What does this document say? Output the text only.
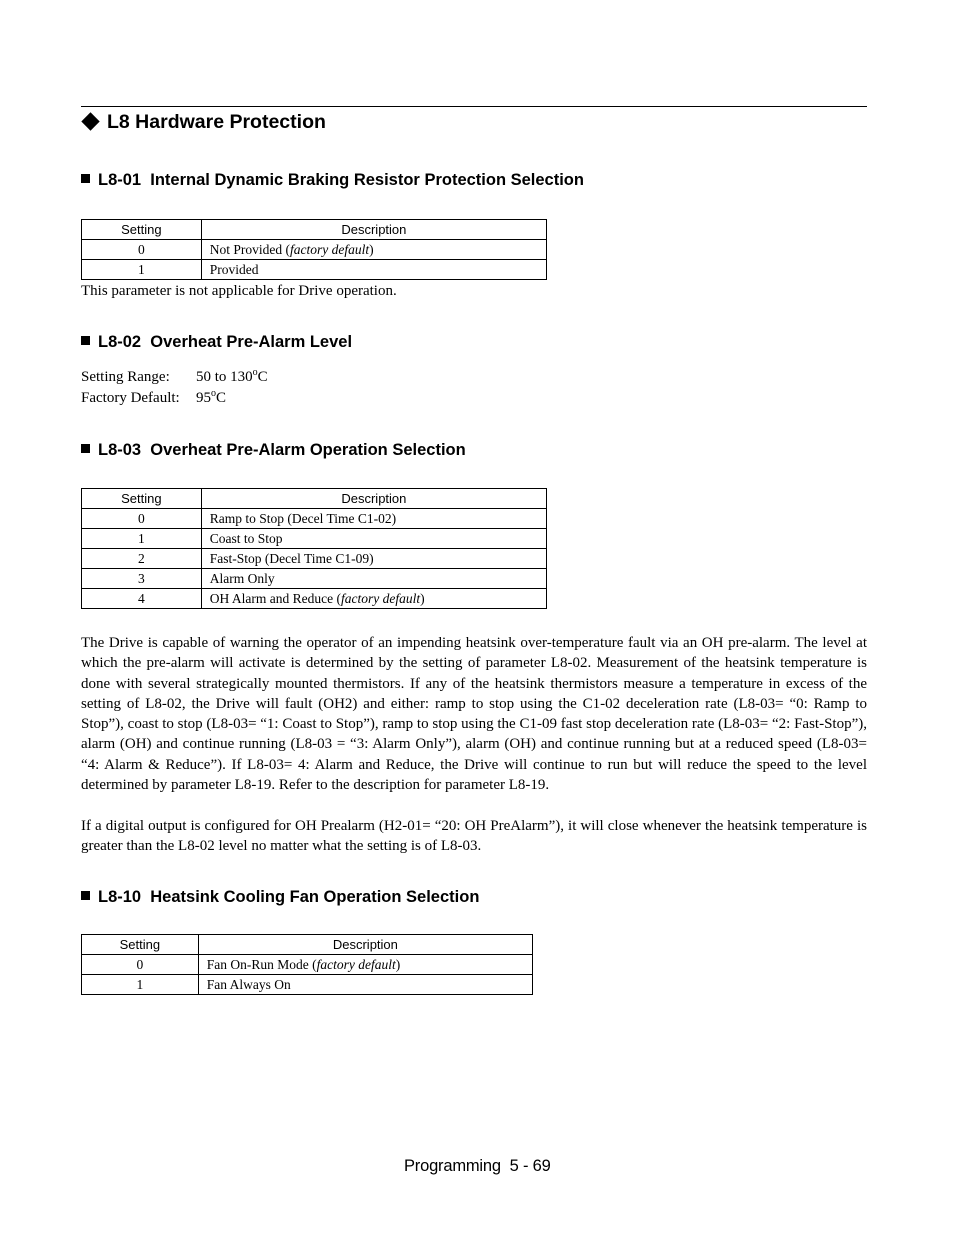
L8 Hardware Protection
L8-01  Internal Dynamic Braking Resistor Protection Selection
Setting	Description
0	Not Provided (factory default)
1	Provided
This parameter is not applicable for Drive operation.
L8-02  Overheat Pre-Alarm Level
Setting Range: 50 to 130$^o$C
Factory Default: 95$^o$C
L8-03  Overheat Pre-Alarm Operation Selection
Setting	Description
0	Ramp to Stop (Decel Time C1-02)
1	Coast to Stop
2	Fast-Stop (Decel Time C1-09)
3	Alarm Only
4	OH Alarm and Reduce (factory default)
The Drive is capable of warning the operator of an impending heatsink over-temperature fault via an OH pre-alarm. The level at which the pre-alarm will activate is determined by the setting of parameter L8-02. Measurement of the heatsink temperature is done with several strategically mounted thermistors. If any of the heatsink thermistors measure a temperature in excess of the setting of L8-02, the Drive will fault (OH2) and either: ramp to stop using the C1-02 deceleration rate (L8-03= “0: Ramp to Stop”), coast to stop (L8-03= “1: Coast to Stop”), ramp to stop using the C1-09 fast stop deceleration rate (L8-03= “2: Fast-Stop”), alarm (OH) and continue running (L8-03 = “3: Alarm Only”), alarm (OH) and continue running but at a reduced speed (L8-03= “4: Alarm & Reduce”). If L8-03= 4: Alarm and Reduce, the Drive will continue to run but will reduce the speed to the level determined by parameter L8-19. Refer to the description for parameter L8-19.
If a digital output is configured for OH Prealarm (H2-01= “20: OH PreAlarm”), it will close whenever the heatsink temperature is greater than the L8-02 level no matter what the setting is of L8-03.
L8-10  Heatsink Cooling Fan Operation Selection
Setting	Description
0	Fan On-Run Mode (factory default)
1	Fan Always On
Programming  5 - 69
